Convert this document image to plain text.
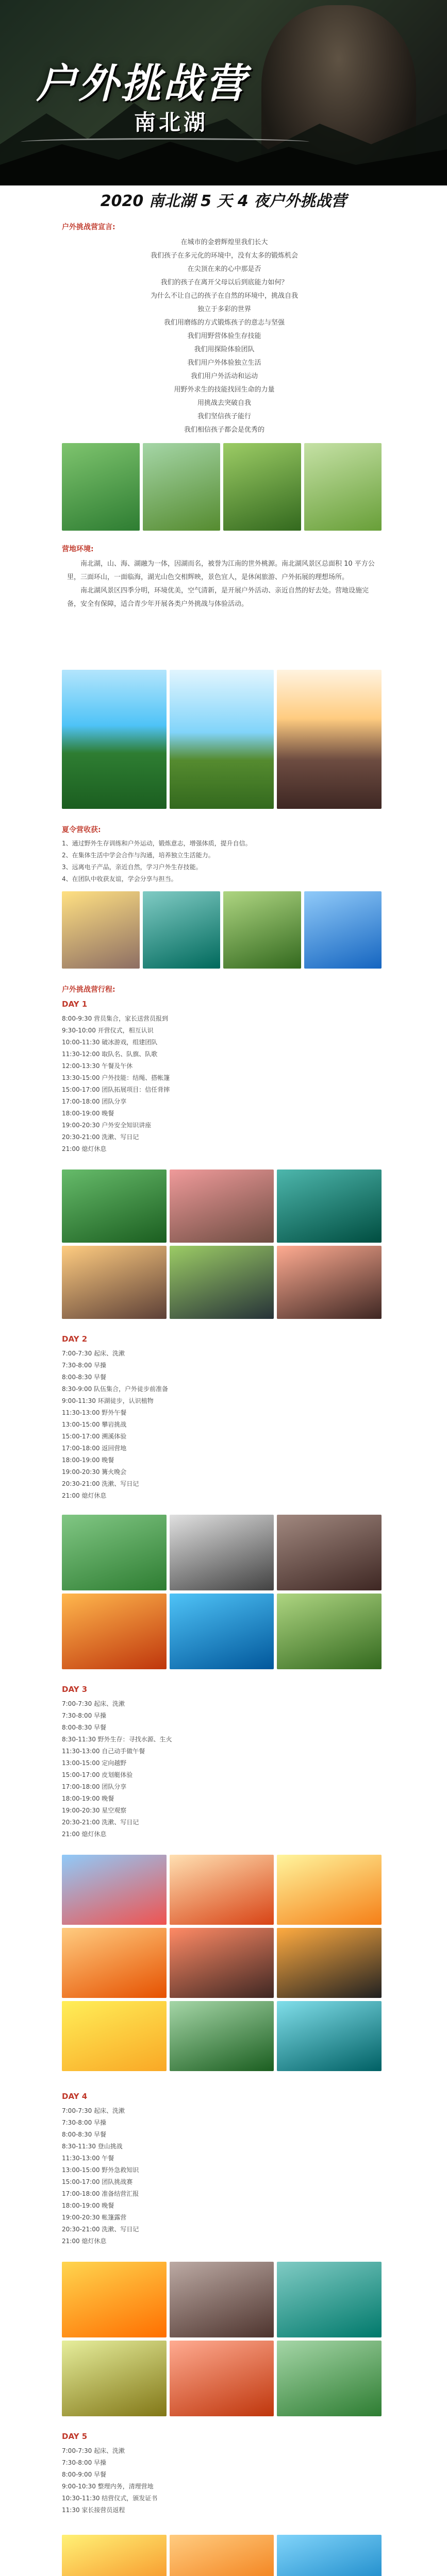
户外挑战营
南北湖
2020 南北湖 5 天 4 夜户外挑战营
户外挑战营宣言:
在城市的金碧辉煌里我们长大
我们孩子在多元化的环境中，没有太多的锻炼机会
在尖顶在来的心中那是否
我们的孩子在离开父母以后到底能力如何？
为什么不让自己的孩子在自然的环境中，挑战自我
独立于多彩的世界
我们用磨练的方式锻炼孩子的意志与坚强
我们用野营体验生存技能
我们用探险体验团队
我们用户外体验独立生活
我们用户外活动和运动
用野外求生的技能找回生命的力量
用挑战去突破自我
我们坚信孩子能行
我们相信孩子都会是优秀的
营地环境:

南北湖，山、海、湖融为一体，因湖而名，被誉为江南的世外桃源。南北湖风景区总面积 10 平方公里，三面环山，一面临海，湖光山色交相辉映，景色宜人，是休闲旅游、户外拓展的理想场所。

南北湖风景区四季分明，环境优美，空气清新，是开展户外活动、亲近自然的好去处。营地设施完备，安全有保障，适合青少年开展各类户外挑战与体验活动。

夏令营收获:
1、通过野外生存训练和户外运动，锻炼意志，增强体质，提升自信。
2、在集体生活中学会合作与沟通，培养独立生活能力。
3、远离电子产品，亲近自然，学习户外生存技能。
4、在团队中收获友谊，学会分享与担当。
户外挑战营行程:
DAY 1
8:00-9:30 营员集合，家长送营员报到
9:30-10:00 开营仪式，相互认识
10:00-11:30 破冰游戏，组建团队
11:30-12:00 取队名、队旗、队歌
12:00-13:30 午餐及午休
13:30-15:00 户外技能：结绳、搭帐篷
15:00-17:00 团队拓展项目：信任背摔
17:00-18:00 团队分享
18:00-19:00 晚餐
19:00-20:30 户外安全知识讲座
20:30-21:00 洗漱、写日记
21:00 熄灯休息
DAY 2
7:00-7:30 起床、洗漱
7:30-8:00 早操
8:00-8:30 早餐
8:30-9:00 队伍集合，户外徒步前准备
9:00-11:30 环湖徒步，认识植物
11:30-13:00 野外午餐
13:00-15:00 攀岩挑战
15:00-17:00 溯溪体验
17:00-18:00 返回营地
18:00-19:00 晚餐
19:00-20:30 篝火晚会
20:30-21:00 洗漱、写日记
21:00 熄灯休息
DAY 3
7:00-7:30 起床、洗漱
7:30-8:00 早操
8:00-8:30 早餐
8:30-11:30 野外生存：寻找水源、生火
11:30-13:00 自己动手做午餐
13:00-15:00 定向越野
15:00-17:00 皮划艇体验
17:00-18:00 团队分享
18:00-19:00 晚餐
19:00-20:30 星空观察
20:30-21:00 洗漱、写日记
21:00 熄灯休息
DAY 4
7:00-7:30 起床、洗漱
7:30-8:00 早操
8:00-8:30 早餐
8:30-11:30 登山挑战
11:30-13:00 午餐
13:00-15:00 野外急救知识
15:00-17:00 团队挑战赛
17:00-18:00 准备结营汇报
18:00-19:00 晚餐
19:00-20:30 帐篷露营
20:30-21:00 洗漱、写日记
21:00 熄灯休息
DAY 5
7:00-7:30 起床、洗漱
7:30-8:00 早操
8:00-9:00 早餐
9:00-10:30 整理内务，清理营地
10:30-11:30 结营仪式，颁发证书
11:30 家长接营员返程
